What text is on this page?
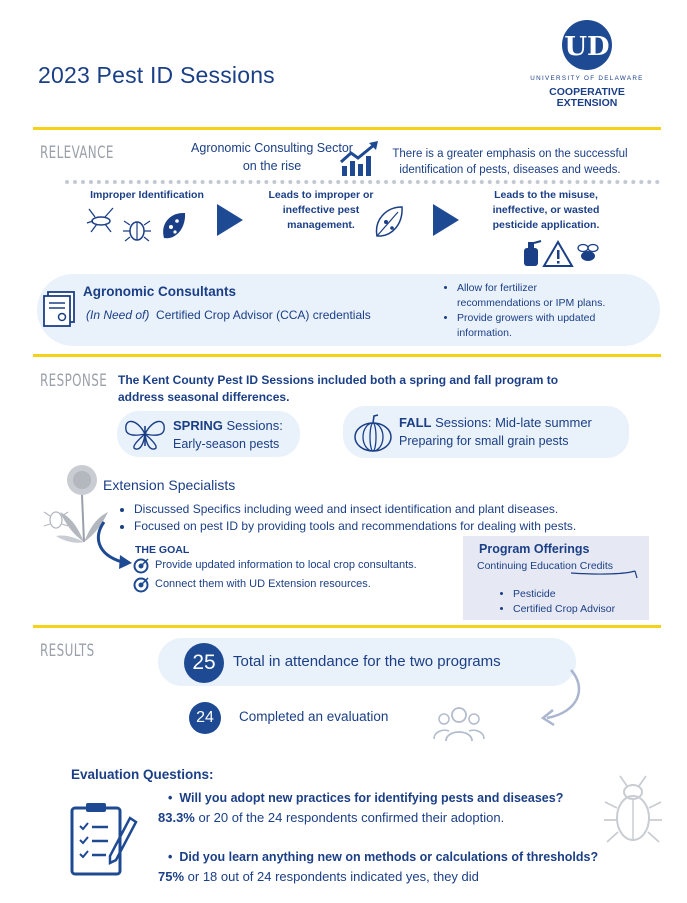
2023 Pest ID Sessions
UD
UNIVERSITY OF DELAWARE
COOPERATIVE
EXTENSION
RELEVANCE	Agronomic Consulting Sector
on the rise
There is a greater emphasis on the successful
identification of pests, diseases and weeds.
Improper Identification	Leads to improper or
ineffective pest
management.
Leads to the misuse,
ineffective, or wasted
pesticide application.
Agronomic Consultants
(In Need of) Certified Crop Advisor (CCA) credentials
• Allow for fertilizer
recommendations or IPM plans.
• Provide growers with updated
information.
RESPONSE The Kent County Pest ID Sessions included both a spring and fall program to
address seasonal differences.
SPRING Sessions:
Early-season pests
FALL Sessions: Mid-late summer
Preparing for small grain pests
Extension Specialists
• Discussed Specifics including weed and insect identification and plant diseases.
• Focused on pest ID by providing tools and recommendations for dealing with pests.
THE GOAL
Provide updated information to local crop consultants.
Connect them with UD Extension resources.
Program Offerings
Continuing Education Credits
• Pesticide
• Certified Crop Advisor
RESULTS	25	Total in attendance for the two programs
24	Completed an evaluation
Evaluation Questions:
•  Will you adopt new practices for identifying pests and diseases?
83.3% or 20 of the 24 respondents confirmed their adoption.
•  Did you learn anything new on methods or calculations of thresholds?
75% or 18 out of 24 respondents indicated yes, they did
